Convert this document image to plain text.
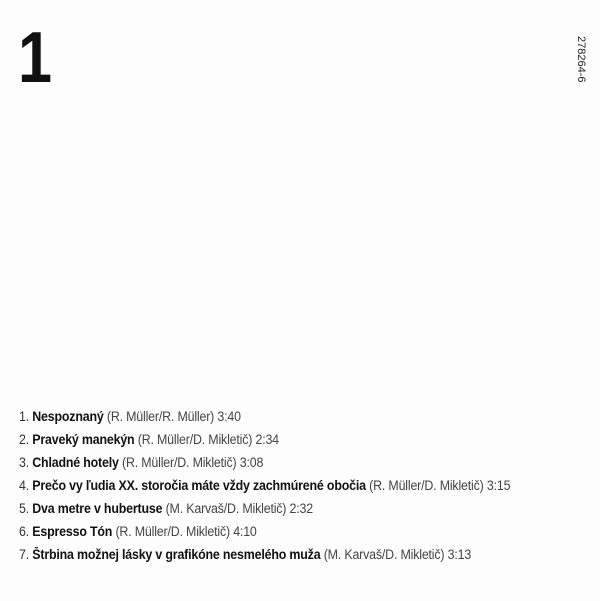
1	278264-6
1. Nespoznaný (R. Müller/R. Müller) 3:40
2. Praveký manekýn (R. Müller/D. Mikletič) 2:34
3. Chladné hotely (R. Müller/D. Mikletič) 3:08
4. Prečo vy ľudia XX. storočia máte vždy zachmúrené obočia (R. Müller/D. Mikletič) 3:15
5. Dva metre v hubertuse (M. Karvaš/D. Mikletič) 2:32
6. Espresso Tón (R. Müller/D. Mikletič) 4:10
7. Štrbina možnej lásky v grafikóne nesmelého muža (M. Karvaš/D. Mikletič) 3:13
